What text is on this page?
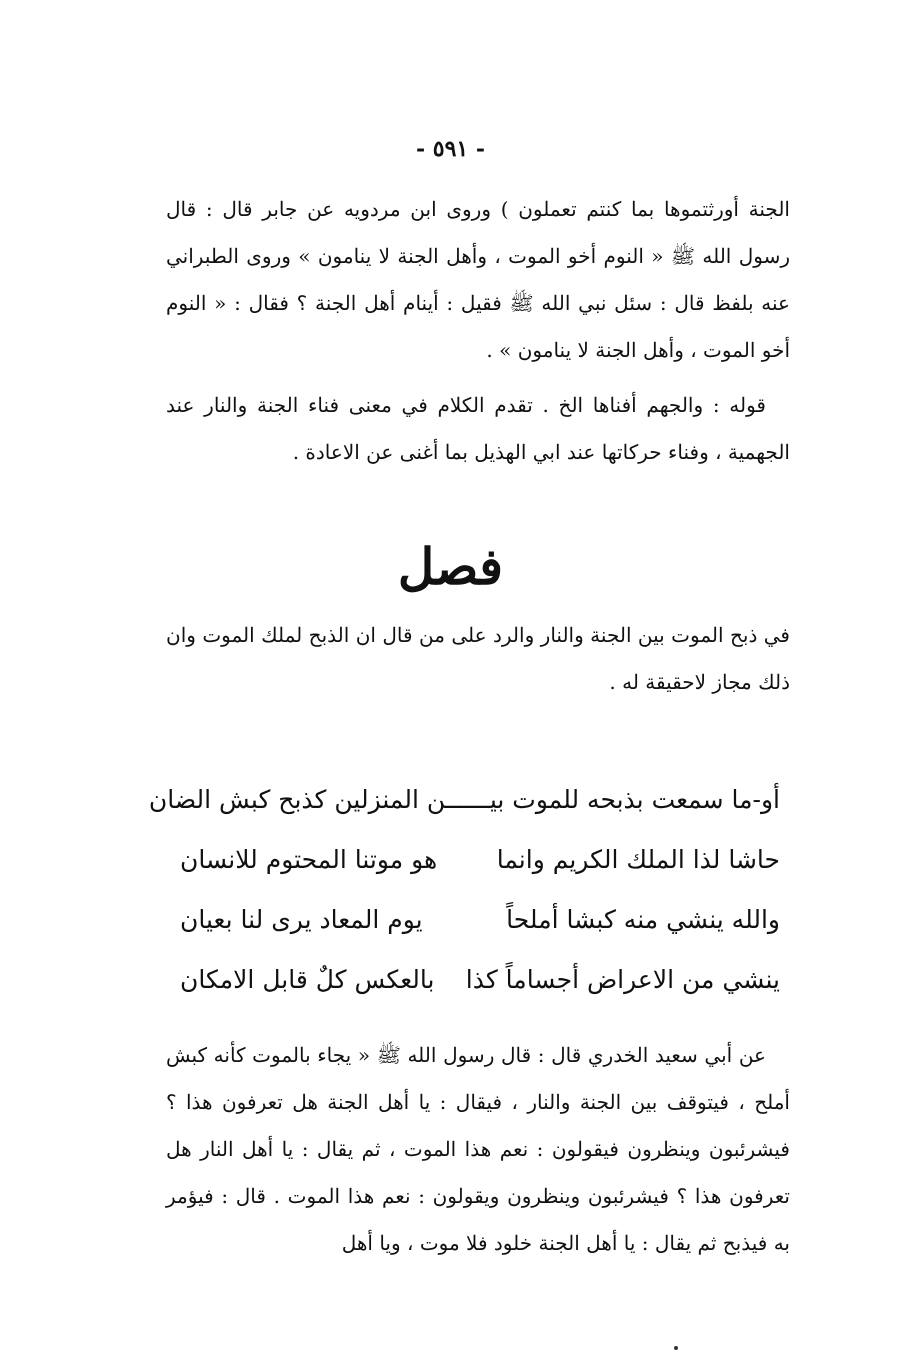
- ٥٩١ -

الجنة أورثتموها بما كنتم تعملون ) وروى ابن مردويه عن جابر قال : قال رسول الله ﷺ « النوم أخو الموت ، وأهل الجنة لا ينامون » وروى الطبراني عنه بلفظ قال : سئل نبي الله ﷺ فقيل : أينام أهل الجنة ؟ فقال : « النوم أخو الموت ، وأهل الجنة لا ينامون » .

قوله : والجهم أفناها الخ . تقدم الكلام في معنى فناء الجنة والنار عند الجهمية ، وفناء حركاتها عند ابي الهذيل بما أغنى عن الاعادة .

فصل

في ذبح الموت بين الجنة والنار والرد على من قال ان الذبح لملك الموت وان ذلك مجاز لاحقيقة له .

أو-ما سمعت بذبحه للموت بيـــ
ـــن المنزلين كذبح كبش الضان
حاشا لذا الملك الكريم وانما
هو موتنا المحتوم للانسان
والله ينشي منه كبشا أملحاً
يوم المعاد يرى لنا بعيان
ينشي من الاعراض أجساماً كذا
بالعكس كلٌ قابل الامكان

عن أبي سعيد الخدري قال : قال رسول الله ﷺ « يجاء بالموت كأنه كبش أملح ، فيتوقف بين الجنة والنار ، فيقال : يا أهل الجنة هل تعرفون هذا ؟ فيشرئبون وينظرون فيقولون : نعم هذا الموت ، ثم يقال : يا أهل النار هل تعرفون هذا ؟ فيشرئبون وينظرون ويقولون : نعم هذا الموت . قال : فيؤمر به فيذبح ثم يقال : يا أهل الجنة خلود فلا موت ، ويا أهل
